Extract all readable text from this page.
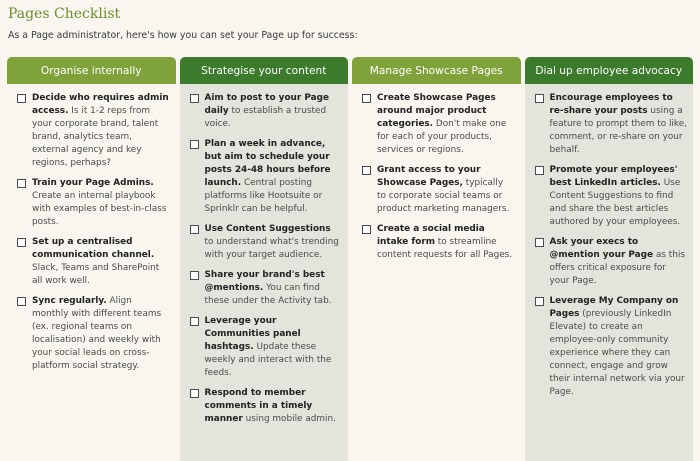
Pages Checklist
As a Page administrator, here's how you can set your Page up for success:
Organise internally
Decide who requires admin access. Is it 1-2 reps from your corporate brand, talent brand, analytics team, external agency and key regions, perhaps?
Train your Page Admins. Create an internal playbook with examples of best-in-class posts.
Set up a centralised communication channel. Slack, Teams and SharePoint all work well.
Sync regularly. Align monthly with different teams (ex. regional teams on localisation) and weekly with your social leads on cross-platform social strategy.
Strategise your content
Aim to post to your Page daily to establish a trusted voice.
Plan a week in advance, but aim to schedule your posts 24-48 hours before launch. Central posting platforms like Hootsuite or Sprinklr can be helpful.
Use Content Suggestions to understand what's trending with your target audience.
Share your brand's best @mentions. You can find these under the Activity tab.
Leverage your Communities panel hashtags. Update these weekly and interact with the feeds.
Respond to member comments in a timely manner using mobile admin.
Manage Showcase Pages
Create Showcase Pages around major product categories. Don't make one for each of your products, services or regions.
Grant access to your Showcase Pages, typically to corporate social teams or product marketing managers.
Create a social media intake form to streamline content requests for all Pages.
Dial up employee advocacy
Encourage employees to re-share your posts using a feature to prompt them to like, comment, or re-share on your behalf.
Promote your employees' best LinkedIn articles. Use Content Suggestions to find and share the best articles authored by your employees.
Ask your execs to @mention your Page as this offers critical exposure for your Page.
Leverage My Company on Pages (previously LinkedIn Elevate) to create an employee-only community experience where they can connect, engage and grow their internal network via your Page.
